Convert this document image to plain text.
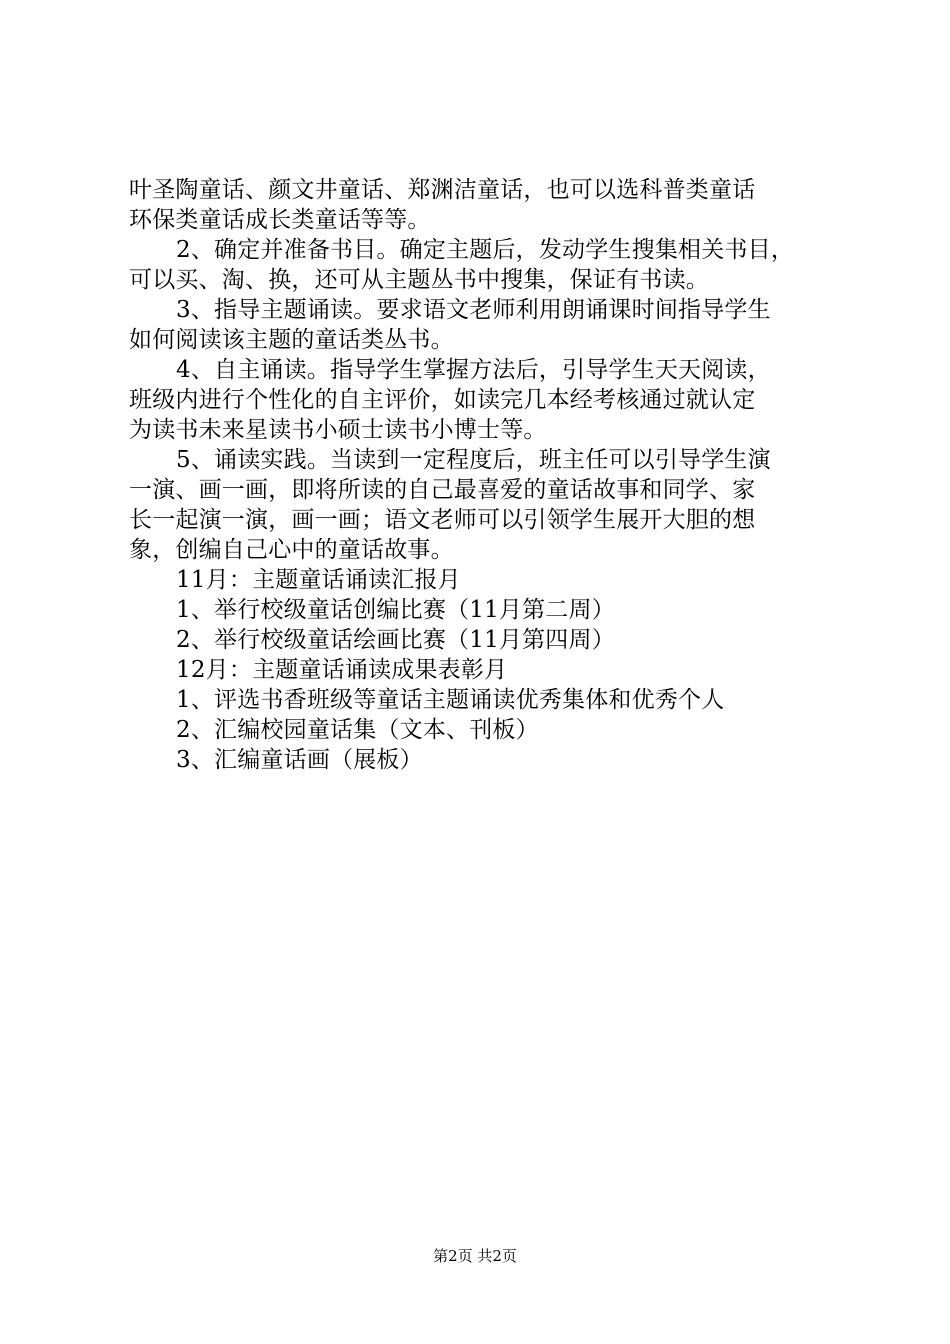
叶圣陶童话、颜文井童话、郑渊洁童话，也可以选科普类童话
环保类童话成长类童话等等。
2、确定并准备书目。确定主题后，发动学生搜集相关书目，
可以买、淘、换，还可从主题丛书中搜集，保证有书读。
3、指导主题诵读。要求语文老师利用朗诵课时间指导学生
如何阅读该主题的童话类丛书。
4、自主诵读。指导学生掌握方法后，引导学生天天阅读，
班级内进行个性化的自主评价，如读完几本经考核通过就认定
为读书未来星读书小硕士读书小博士等。
5、诵读实践。当读到一定程度后，班主任可以引导学生演
一演、画一画，即将所读的自己最喜爱的童话故事和同学、家
长一起演一演，画一画；语文老师可以引领学生展开大胆的想
象，创编自己心中的童话故事。
11月：主题童话诵读汇报月
1、举行校级童话创编比赛（11月第二周）
2、举行校级童话绘画比赛（11月第四周）
12月：主题童话诵读成果表彰月
1、评选书香班级等童话主题诵读优秀集体和优秀个人
2、汇编校园童话集（文本、刊板）
3、汇编童话画（展板）
第2页 共2页
